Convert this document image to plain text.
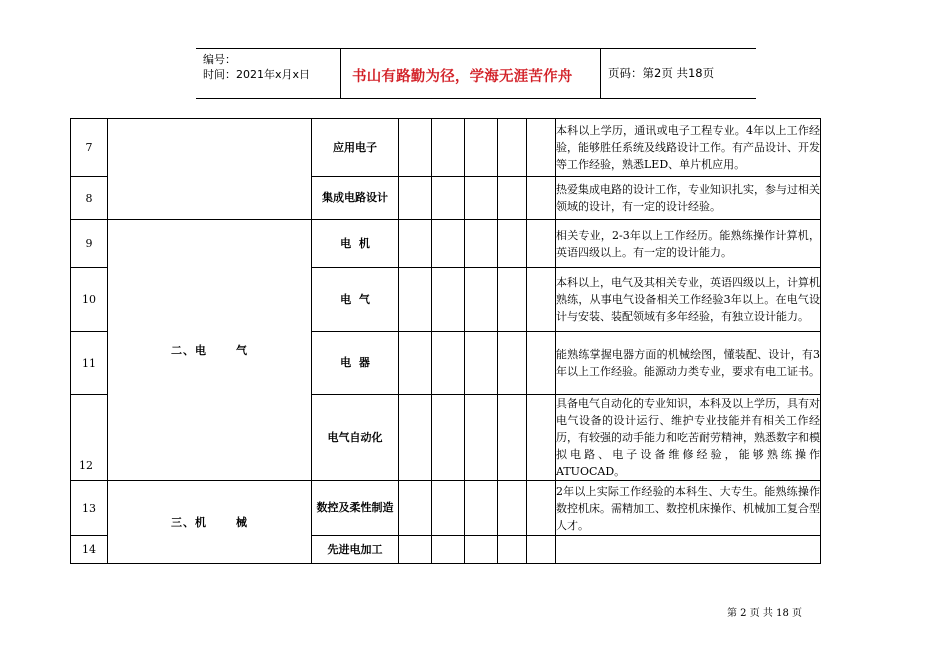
编号：
时间：2021年x月x日	书山有路勤为径，学海无涯苦作舟	页码：第2页 共18页
7		应用电子						本科以上学历，通讯或电子工程专业。4年以上工作经验，能够胜任系统及线路设计工作。有产品设计、开发等工作经验，熟悉LED、单片机应用。
8		集成电路设计						热爱集成电路的设计工作，专业知识扎实，参与过相关领域的设计，有一定的设计经验。
9	二、电      气	电  机						相关专业，2-3年以上工作经历。能熟练操作计算机，英语四级以上。有一定的设计能力。
10		电  气						本科以上，电气及其相关专业，英语四级以上，计算机熟练，从事电气设备相关工作经验3年以上。在电气设计与安装、装配领域有多年经验，有独立设计能力。
11		电  器						能熟练掌握电器方面的机械绘图，懂装配、设计，有3年以上工作经验。能源动力类专业，要求有电工证书。
12		电气自动化						具备电气自动化的专业知识，本科及以上学历，具有对电气设备的设计运行、维护专业技能并有相关工作经历，有较强的动手能力和吃苦耐劳精神，熟悉数字和模拟电路、电子设备维修经验，能够熟练操作ATUOCAD。
13	三、机      械	数控及柔性制造						2年以上实际工作经验的本科生、大专生。能熟练操作数控机床。需精加工、数控机床操作、机械加工复合型人才。
14		先进电加工						
第 2 页 共 18 页
